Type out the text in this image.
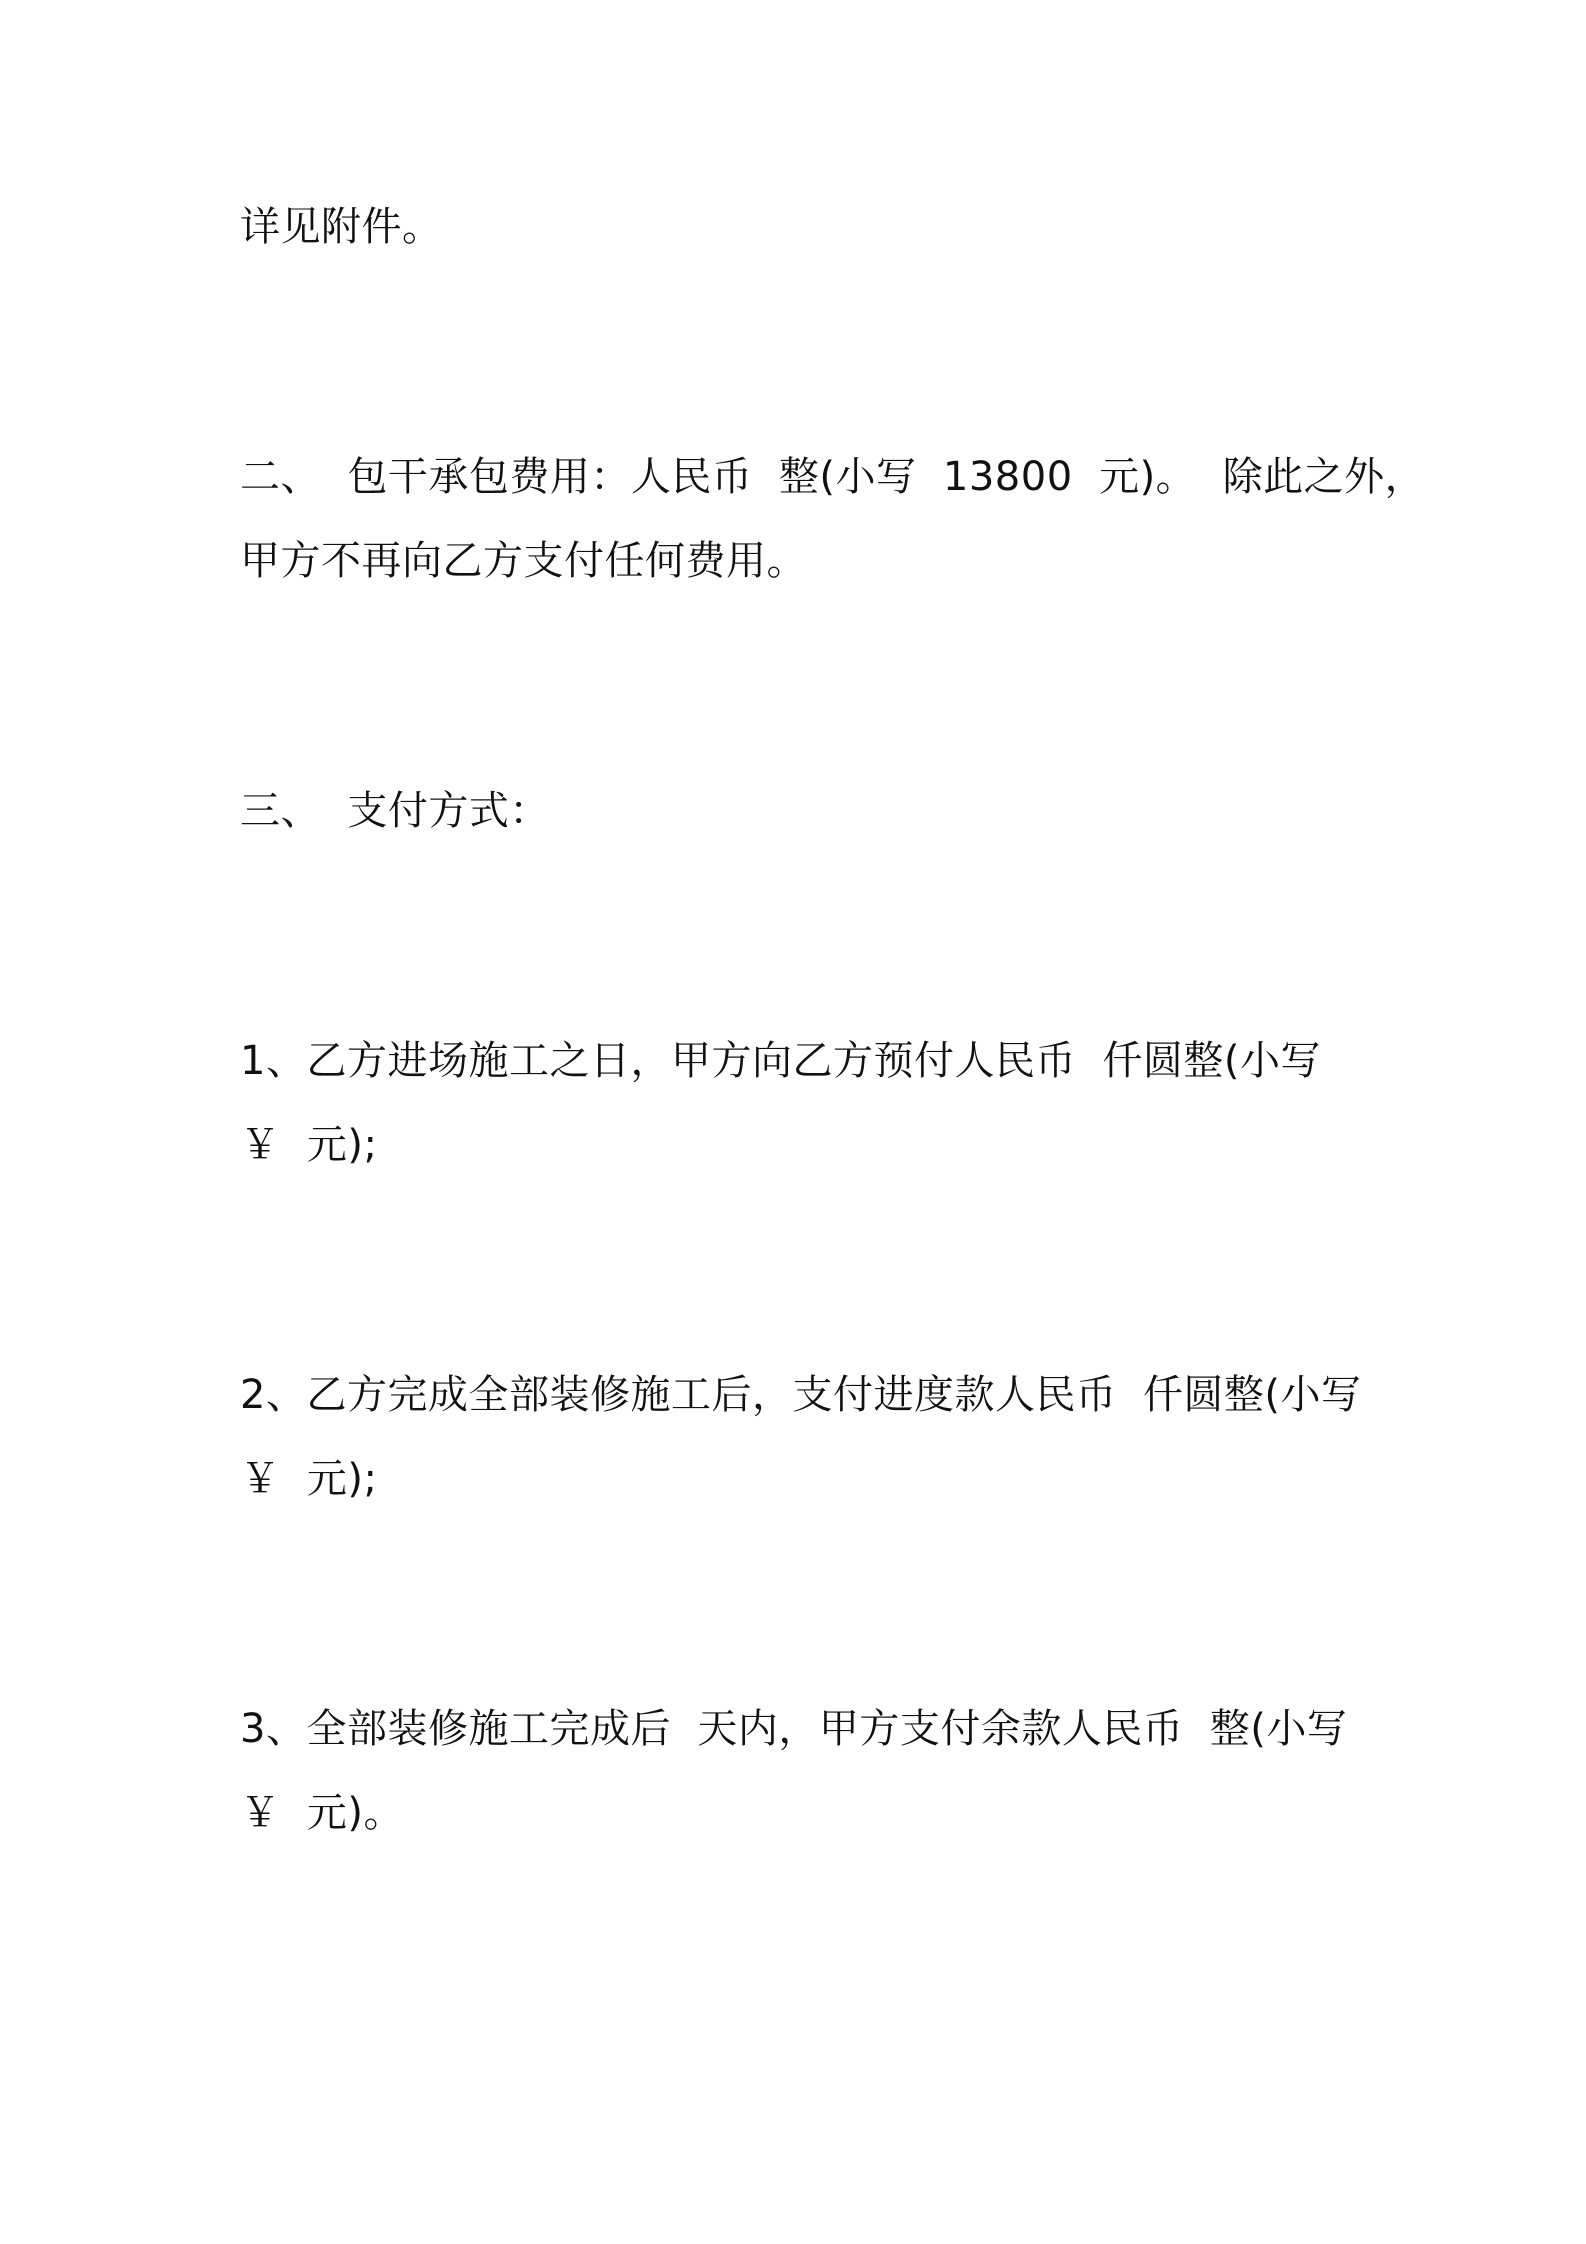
详见附件。
二、  包干承包费用：人民币  整(小写  13800  元)。  除此之外，
甲方不再向乙方支付任何费用。
三、  支付方式：
1、乙方进场施工之日，甲方向乙方预付人民币  仟圆整(小写
￥  元);
2、乙方完成全部装修施工后，支付进度款人民币  仟圆整(小写
￥  元);
3、全部装修施工完成后  天内，甲方支付余款人民币  整(小写
￥  元)。
